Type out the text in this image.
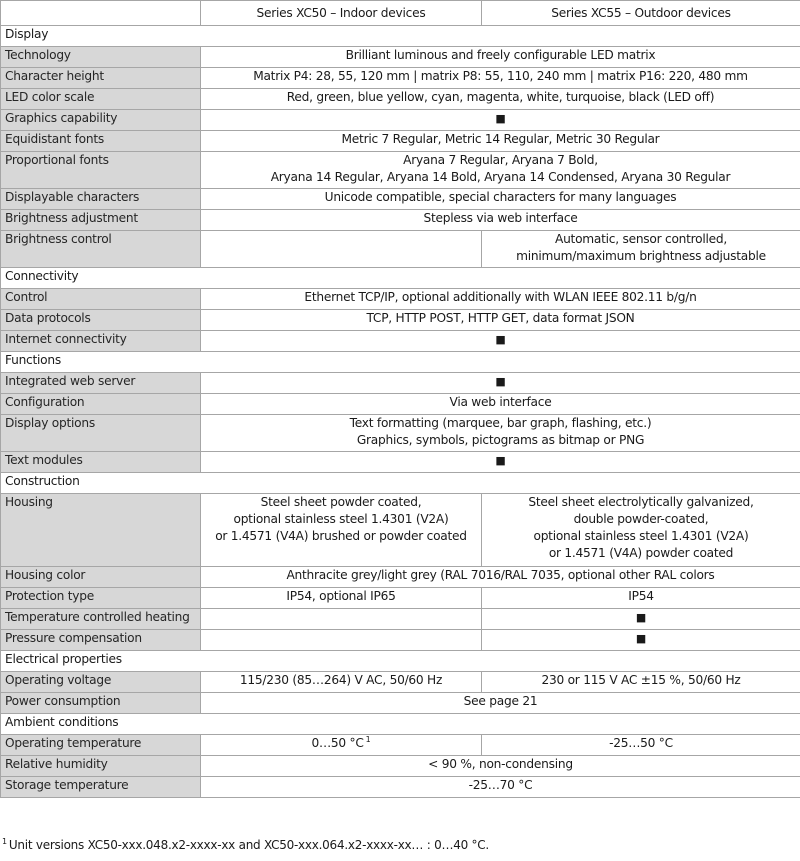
	Series XC50 – Indoor devices	Series XC55 – Outdoor devices
Display		
Technology	Brilliant luminous and freely configurable LED matrix	

Character height	Matrix P4: 28, 55, 120 mm | matrix P8: 55, 110, 240 mm | matrix P16: 220, 480 mm	

LED color scale	Red, green, blue yellow, cyan, magenta, white, turquoise, black (LED off)	

Graphics capability	■	

Equidistant fonts	Metric 7 Regular, Metric 14 Regular, Metric 30 Regular	

Proportional fonts	Aryana 7 Regular, Aryana 7 Bold,
Aryana 14 Regular, Aryana 14 Bold, Aryana 14 Condensed, Aryana 30 Regular	

Displayable characters	Unicode compatible, special characters for many languages	

Brightness adjustment	Stepless via web interface	

Brightness control		Automatic, sensor controlled,
minimum/maximum brightness adjustable

Connectivity		
Control	Ethernet TCP/IP, optional additionally with WLAN IEEE 802.11 b/g/n	

Data protocols	TCP, HTTP POST, HTTP GET, data format JSON	

Internet connectivity	■	

Functions		
Integrated web server	■	

Configuration	Via web interface	

Display options	Text formatting (marquee, bar graph, flashing, etc.)
Graphics, symbols, pictograms as bitmap or PNG	

Text modules	■	

Construction		
Housing	Steel sheet powder coated,
optional stainless steel 1.4301 (V2A)
or 1.4571 (V4A) brushed or powder coated	Steel sheet electrolytically galvanized,
double powder-coated,
optional stainless steel 1.4301 (V2A)
or 1.4571 (V4A) powder coated

Housing color	Anthracite grey/light grey (RAL 7016/RAL 7035, optional other RAL colors	

Protection type	IP54, optional IP65	IP54

Temperature controlled heating		■

Pressure compensation		■

Electrical properties		
Operating voltage	115/230 (85…264) V AC, 50/60 Hz	230 or 115 V AC ±15 %, 50/60 Hz

Power consumption	See page 21	

Ambient conditions		
Operating temperature	0…50 °C $^1$	-25…50 °C

Relative humidity	< 90 %, non-condensing	

Storage temperature	-25…70 °C	
$^1$ Unit versions XC50-xxx.048.x2-xxxx-xx and XC50-xxx.064.x2-xxxx-xx… : 0…40 °C.
